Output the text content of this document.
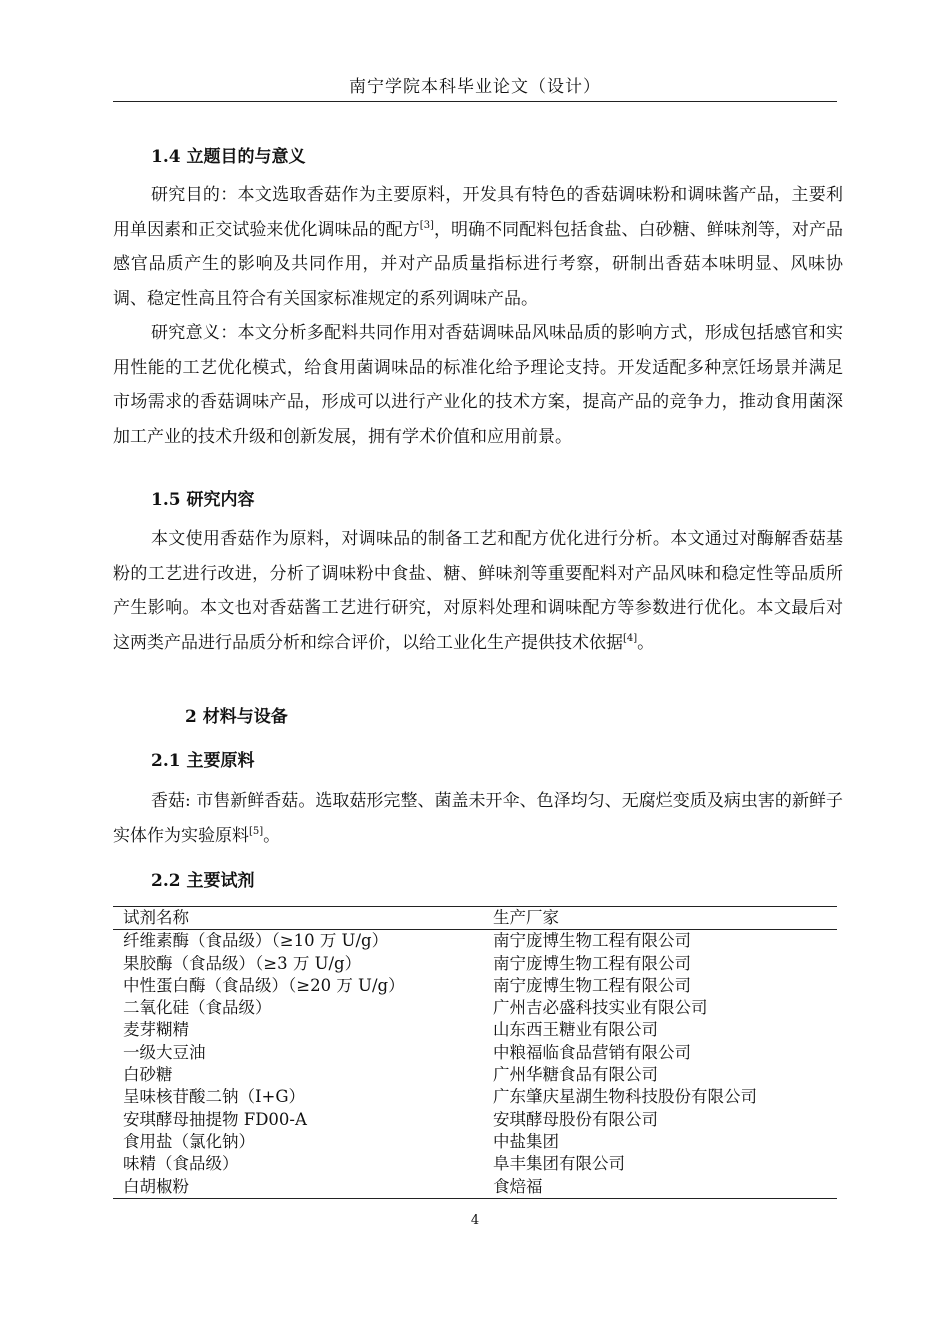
南宁学院本科毕业论文（设计）
1.4 立题目的与意义

研究目的：本文选取香菇作为主要原料，开发具有特色的香菇调味粉和调味酱产品，主要利用单因素和正交试验来优化调味品的配方[3]，明确不同配料包括食盐、白砂糖、鲜味剂等，对产品感官品质产生的影响及共同作用，并对产品质量指标进行考察，研制出香菇本味明显、风味协调、稳定性高且符合有关国家标准规定的系列调味产品。

研究意义：本文分析多配料共同作用对香菇调味品风味品质的影响方式，形成包括感官和实用性能的工艺优化模式，给食用菌调味品的标准化给予理论支持。开发适配多种烹饪场景并满足市场需求的香菇调味产品，形成可以进行产业化的技术方案，提高产品的竞争力，推动食用菌深加工产业的技术升级和创新发展，拥有学术价值和应用前景。

1.5 研究内容

本文使用香菇作为原料，对调味品的制备工艺和配方优化进行分析。本文通过对酶解香菇基粉的工艺进行改进，分析了调味粉中食盐、糖、鲜味剂等重要配料对产品风味和稳定性等品质所产生影响。本文也对香菇酱工艺进行研究，对原料处理和调味配方等参数进行优化。本文最后对这两类产品进行品质分析和综合评价，以给工业化生产提供技术依据[4]。

2 材料与设备
2.1 主要原料

香菇: 市售新鲜香菇。选取菇形完整、菌盖未开伞、色泽均匀、无腐烂变质及病虫害的新鲜子实体作为实验原料[5]。

2.2 主要试剂
试剂名称	生产厂家
纤维素酶（食品级）（≥10 万 U/g）	南宁庞博生物工程有限公司
果胶酶（食品级）（≥3 万 U/g）	南宁庞博生物工程有限公司
中性蛋白酶（食品级）（≥20 万 U/g）	南宁庞博生物工程有限公司
二氧化硅（食品级）	广州吉必盛科技实业有限公司
麦芽糊精	山东西王糖业有限公司
一级大豆油	中粮福临食品营销有限公司
白砂糖	广州华糖食品有限公司
呈味核苷酸二钠（I+G）	广东肇庆星湖生物科技股份有限公司
安琪酵母抽提物 FD00-A	安琪酵母股份有限公司
食用盐（氯化钠）	中盐集团
味精（食品级）	阜丰集团有限公司
白胡椒粉	食焙福
4
